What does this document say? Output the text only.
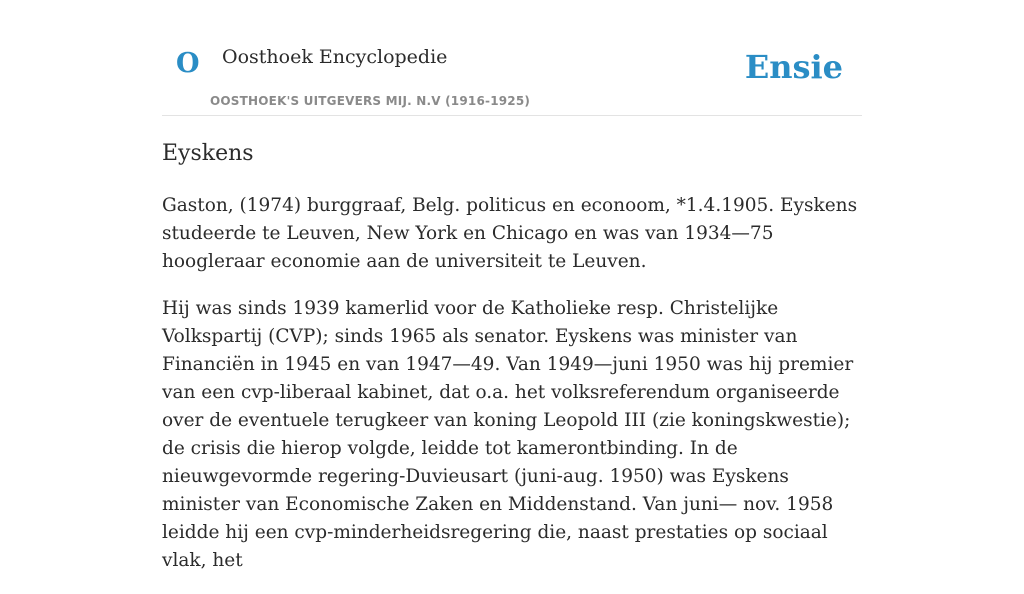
O Oosthoek Encyclopedie
OOSTHOEK'S UITGEVERS MIJ. N.V (1916-1925)
Ensie
Eyskens

Gaston, (1974) burggraaf, Belg. politicus en econoom, *1.4.1905. Eyskens studeerde te Leuven, New York en Chicago en was van 1934—75 hoogleraar economie aan de universiteit te Leuven.

Hij was sinds 1939 kamerlid voor de Katholieke resp. Christelijke Volkspartij (CVP); sinds 1965 als senator. Eyskens was minister van Financiën in 1945 en van 1947—49. Van 1949—juni 1950 was hij premier van een cvp-liberaal kabinet, dat o.a. het volksreferendum organiseerde over de eventuele terugkeer van koning Leopold III (zie koningskwestie); de crisis die hierop volgde, leidde tot kamerontbinding. In de nieuwgevormde regering-Duvieusart (juni-aug. 1950) was Eyskens minister van Economische Zaken en Middenstand. Van juni— nov. 1958 leidde hij een cvp-minderheidsregering die, naast prestaties op sociaal vlak, het
